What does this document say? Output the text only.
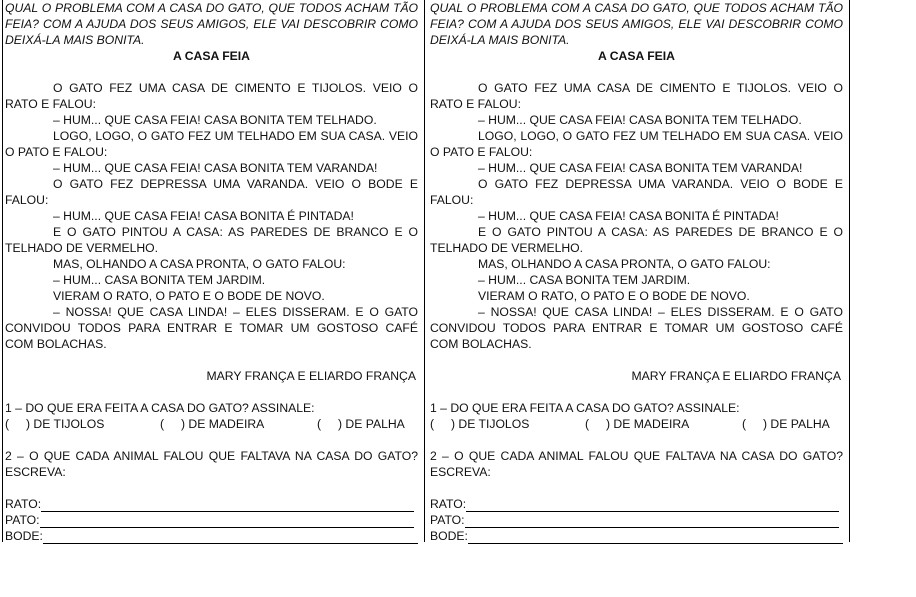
QUAL O PROBLEMA COM A CASA DO GATO, QUE TODOS ACHAM TÃO FEIA? COM A AJUDA DOS SEUS AMIGOS, ELE VAI DESCOBRIR COMO DEIXÁ-LA MAIS BONITA.
A CASA FEIA
O GATO FEZ UMA CASA DE CIMENTO E TIJOLOS. VEIO O RATO E FALOU:
– HUM... QUE CASA FEIA! CASA BONITA TEM TELHADO.
LOGO, LOGO, O GATO FEZ UM TELHADO EM SUA CASA. VEIO O PATO E FALOU:
– HUM... QUE CASA FEIA! CASA BONITA TEM VARANDA!
O GATO FEZ DEPRESSA UMA VARANDA. VEIO O BODE E FALOU:
– HUM... QUE CASA FEIA! CASA BONITA É PINTADA!
E O GATO PINTOU A CASA: AS PAREDES DE BRANCO E O TELHADO DE VERMELHO.
MAS, OLHANDO A CASA PRONTA, O GATO FALOU:
– HUM... CASA BONITA TEM JARDIM.
VIERAM O RATO, O PATO E O BODE DE NOVO.
– NOSSA! QUE CASA LINDA! – ELES DISSERAM. E O GATO CONVIDOU TODOS PARA ENTRAR E TOMAR UM GOSTOSO CAFÉ COM BOLACHAS.
MARY FRANÇA E ELIARDO FRANÇA
1 – DO QUE ERA FEITA A CASA DO GATO? ASSINALE:
(     ) DE TIJOLOS	(     ) DE MADEIRA	(     ) DE PALHA
2 – O QUE CADA ANIMAL FALOU QUE FALTAVA NA CASA DO GATO? ESCREVA:
RATO:
PATO:
BODE:
QUAL O PROBLEMA COM A CASA DO GATO, QUE TODOS ACHAM TÃO FEIA? COM A AJUDA DOS SEUS AMIGOS, ELE VAI DESCOBRIR COMO DEIXÁ-LA MAIS BONITA.
A CASA FEIA
O GATO FEZ UMA CASA DE CIMENTO E TIJOLOS. VEIO O RATO E FALOU:
– HUM... QUE CASA FEIA! CASA BONITA TEM TELHADO.
LOGO, LOGO, O GATO FEZ UM TELHADO EM SUA CASA. VEIO O PATO E FALOU:
– HUM... QUE CASA FEIA! CASA BONITA TEM VARANDA!
O GATO FEZ DEPRESSA UMA VARANDA. VEIO O BODE E FALOU:
– HUM... QUE CASA FEIA! CASA BONITA É PINTADA!
E O GATO PINTOU A CASA: AS PAREDES DE BRANCO E O TELHADO DE VERMELHO.
MAS, OLHANDO A CASA PRONTA, O GATO FALOU:
– HUM... CASA BONITA TEM JARDIM.
VIERAM O RATO, O PATO E O BODE DE NOVO.
– NOSSA! QUE CASA LINDA! – ELES DISSERAM. E O GATO CONVIDOU TODOS PARA ENTRAR E TOMAR UM GOSTOSO CAFÉ COM BOLACHAS.
MARY FRANÇA E ELIARDO FRANÇA
1 – DO QUE ERA FEITA A CASA DO GATO? ASSINALE:
(     ) DE TIJOLOS	(     ) DE MADEIRA	(     ) DE PALHA
2 – O QUE CADA ANIMAL FALOU QUE FALTAVA NA CASA DO GATO? ESCREVA:
RATO:
PATO:
BODE:
